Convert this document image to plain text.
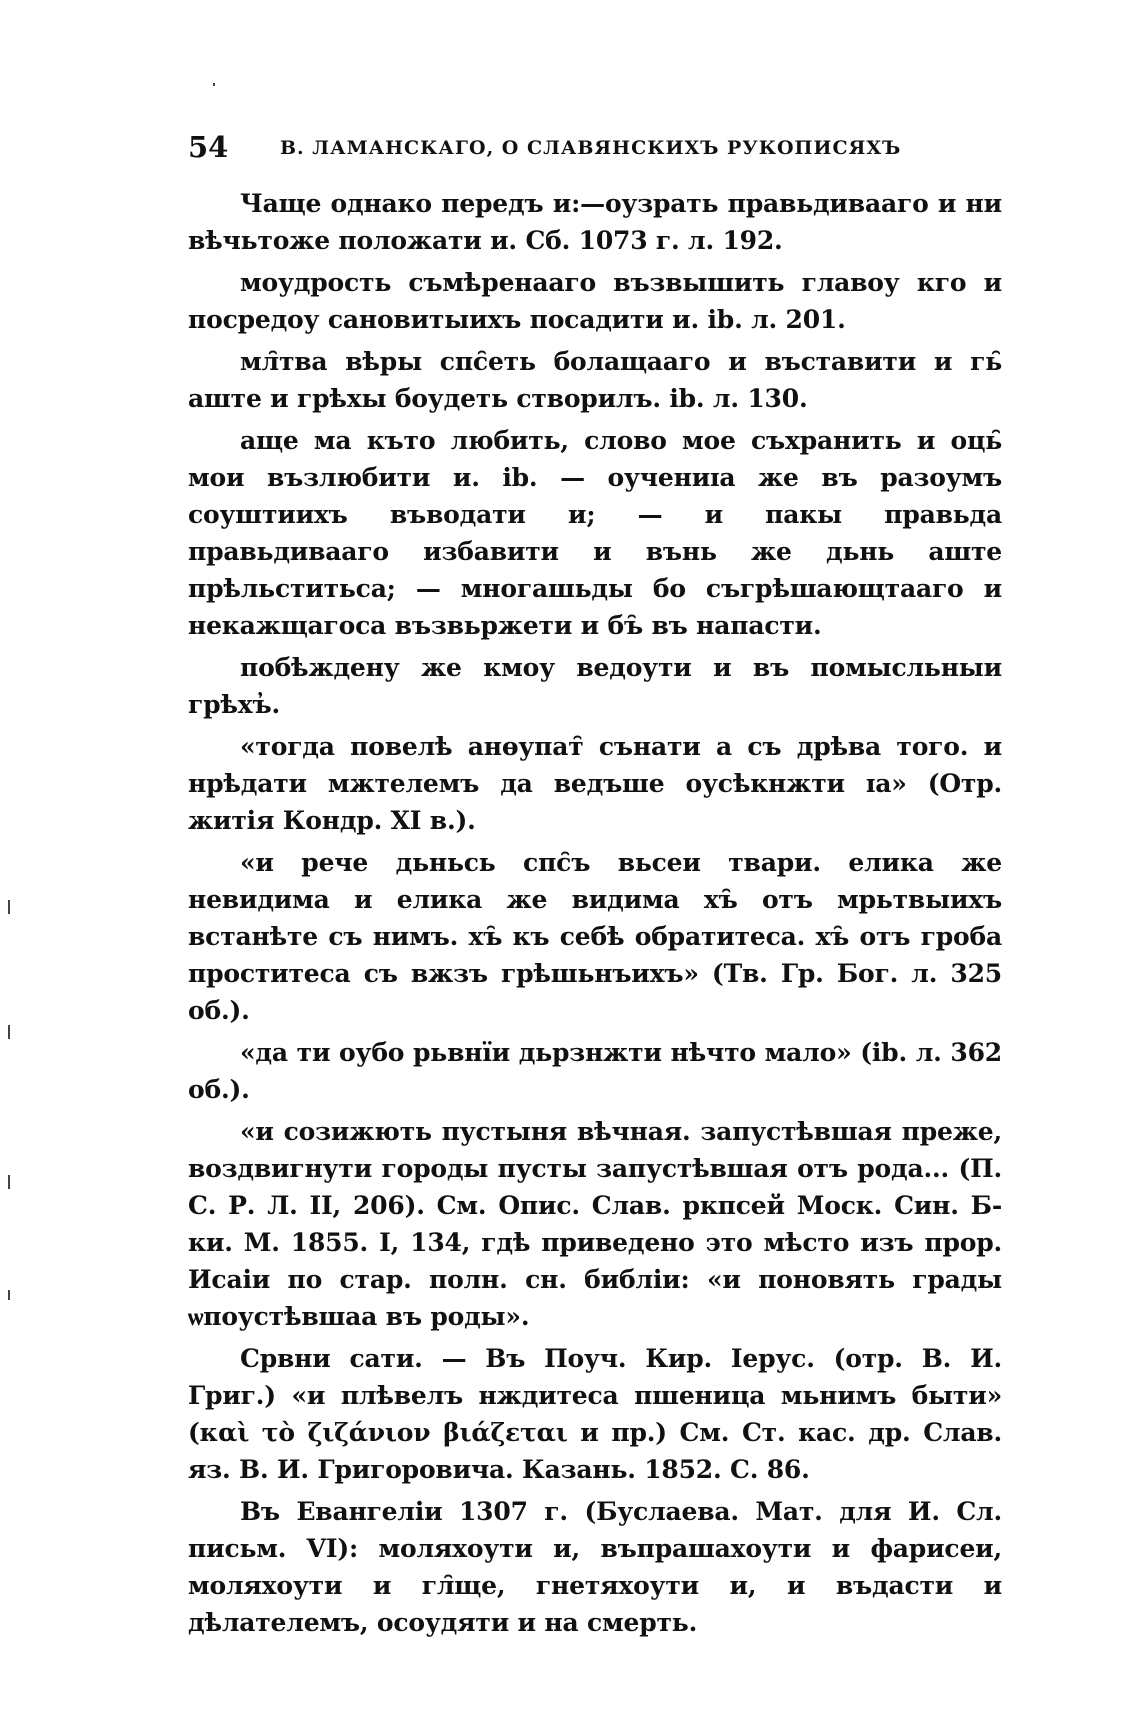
54	В. ЛАМАНСКАГО, О СЛАВЯНСКИХЪ РУКОПИСЯХЪ

Чаще однако передъ и:—оузрать правьдиваaго и ни вѣчьтоже положати и. Сб. 1073 г. л. 192.

моудрость съмѣренааго възвышить главоу кго и посредоу сановитыихъ посадити и. ib. л. 201.

мл̑тва вѣры спс̑еть болащааго и въставити и гь̑ аште и грѣхы боудеть створилъ. ib. л. 130.

аще ма къто любить, слово мое съхранить и оць̑ мои възлюбити и. ib. — оучениɪа же въ разоумъ соуштиихъ въводати и; — и пакы правьда правьдиваaго избавити и вънь же дьнь аште прѣльститьса; — многашьды бо съгрѣшающтааго и некажщагоса възвьржети и бъ̑ въ напасти.

побѣждену же кмоу ведоути и въ помысльныи грѣхъ̓.

«тогда повелѣ анөупат̑ сънати а съ дрѣва того. и нрѣдати мжтелемъ да ведъше оусѣкнжти ɪа» (Отр. житія Кондр. XI в.).

«и рече дьньсь спс̑ъ вьсеи твари. елика же невидима и елика же видима хъ̑ отъ мрьтвыихъ встанѣте съ нимъ. хъ̑ къ себѣ обратитеса. хъ̑ отъ гроба проститеса съ вжзъ грѣшьнъихъ» (Тв. Гр. Бог. л. 325 об.).

«да ти оубо рьвнїи дьрзнжти нѣчто мало» (ib. л. 362 об.).

«и созижють пустыня вѣчная. запустѣвшая преже, воздвигнути городы пусты запустѣвшая отъ рода... (П. С. Р. Л. II, 206). См. Опис. Слав. ркпсей Моск. Син. Б-ки. М. 1855. I, 134, гдѣ приведено это мѣсто изъ прор. Исаіи по стар. полн. сн. библіи: «и поновять грады ѡпоустѣвшаа въ роды».

Срвни сати. — Въ Поуч. Кир. Іерус. (отр. В. И. Григ.) «и плѣвелъ нждитеса пшеница мьнимъ быти» (καὶ τὸ ζιζάνιον βιάζεται и пр.) См. Ст. кас. др. Слав. яз. В. И. Григоровича. Казань. 1852. С. 86.

Въ Евангеліи 1307 г. (Буслаева. Мат. для И. Сл. письм. VI): моляхоути и, въпрашахоути и фарисеи, моляхоути и гл̑ще, гнетяхоути и, и въдасти и дѣлателемъ, осоудяти и на смерть.
